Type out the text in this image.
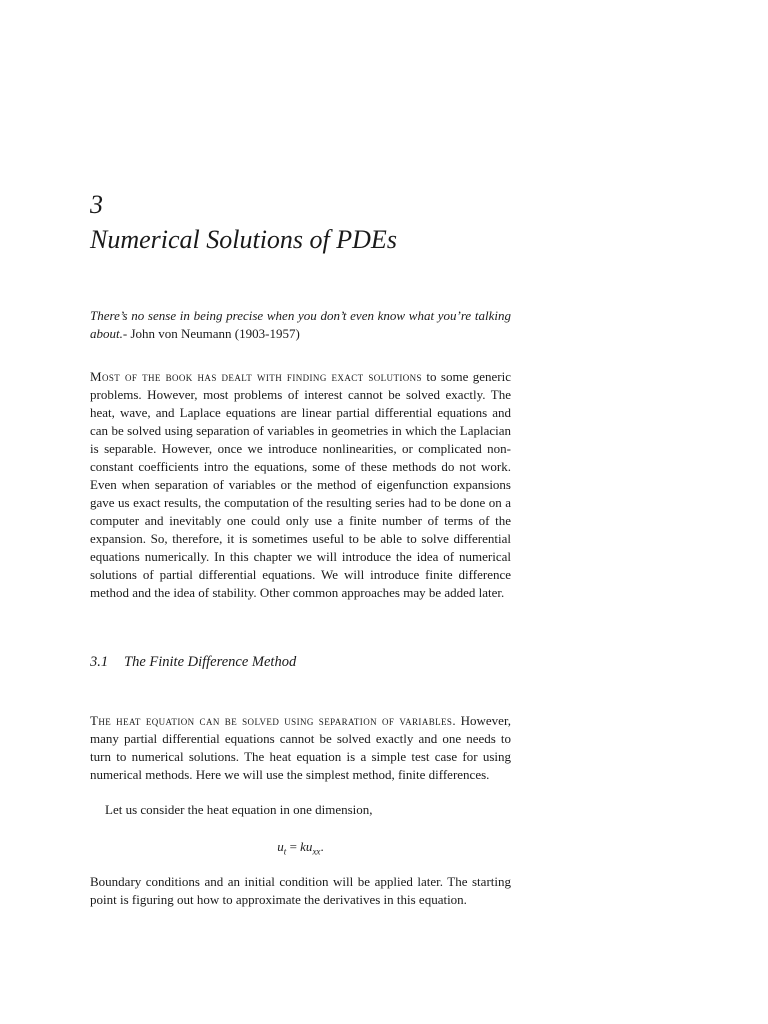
3
Numerical Solutions of PDEs
There’s no sense in being precise when you don’t even know what you’re talking about.- John von Neumann (1903-1957)

Most of the book has dealt with finding exact solutions to some generic problems. However, most problems of interest cannot be solved exactly. The heat, wave, and Laplace equations are linear partial differential equations and can be solved using separation of variables in geometries in which the Laplacian is separable. However, once we introduce nonlinearities, or complicated non-constant coefficients intro the equations, some of these methods do not work. Even when separation of variables or the method of eigenfunction expansions gave us exact results, the computation of the resulting series had to be done on a computer and inevitably one could only use a finite number of terms of the expansion. So, therefore, it is sometimes useful to be able to solve differential equations numerically. In this chapter we will introduce the idea of numerical solutions of partial differential equations. We will introduce finite difference method and the idea of stability. Other common approaches may be added later.

3.1 The Finite Difference Method

The heat equation can be solved using separation of variables. However, many partial differential equations cannot be solved exactly and one needs to turn to numerical solutions. The heat equation is a simple test case for using numerical methods. Here we will use the simplest method, finite differences.

Let us consider the heat equation in one dimension,

$u_t = ku_{xx}$.

Boundary conditions and an initial condition will be applied later. The starting point is figuring out how to approximate the derivatives in this equation.
